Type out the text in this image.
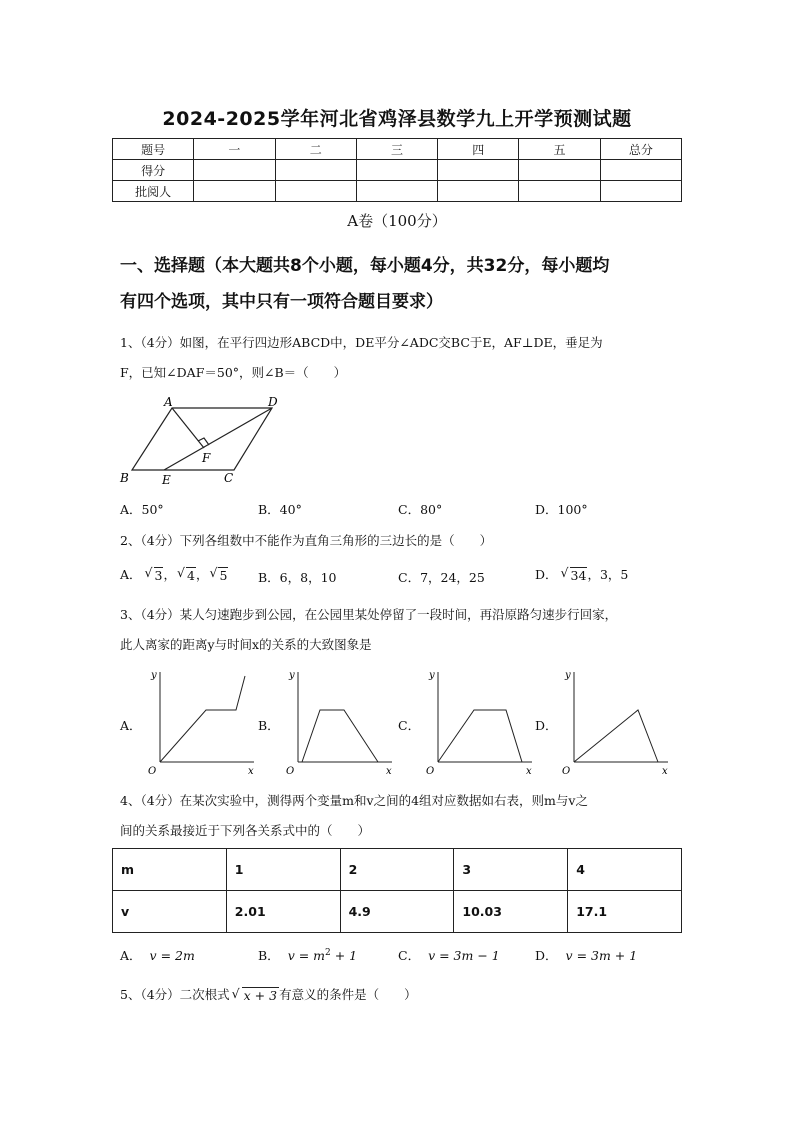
2024-2025学年河北省鸡泽县数学九上开学预测试题
题号	一	二	三	四	五	总分
得分						
批阅人						
A卷（100分）
一、选择题（本大题共8个小题，每小题4分，共32分，每小题均
有四个选项，其中只有一项符合题目要求）
1、（4分）如图，在平行四边形ABCD中，DE平分∠ADC交BC于E，AF⊥DE，垂足为
F，已知∠DAF＝50°，则∠B＝（　　）
A	D
B	E	C
F
A．50°	B．40°	C．80°	D．100°
2、（4分）下列各组数中不能作为直角三角形的三边长的是（　　）
A． √ 3 ， √ 4 ， √ 5 B．6，8，10	C．7，24，25	D． √ 34 ，3，5
3、（4分）某人匀速跑步到公园，在公园里某处停留了一段时间，再沿原路匀速步行回家，
此人离家的距离y与时间x的关系的大致图象是
A．	B．	C．	D．
y
x
O
y
x
O
y
x
O
y
x
O
4、（4分）在某次实验中，测得两个变量m和v之间的4组对应数据如右表，则m与v之
间的关系最接近于下列各关系式中的（　　）
m	1	2	3	4
v	2.01	4.9	10.03	17.1
A． v = 2m	B． $v = m^2 + 1$	C． v = 3m − 1	D． v = 3m + 1
5、（4分）二次根式 √ x + 3 有意义的条件是（　　）
